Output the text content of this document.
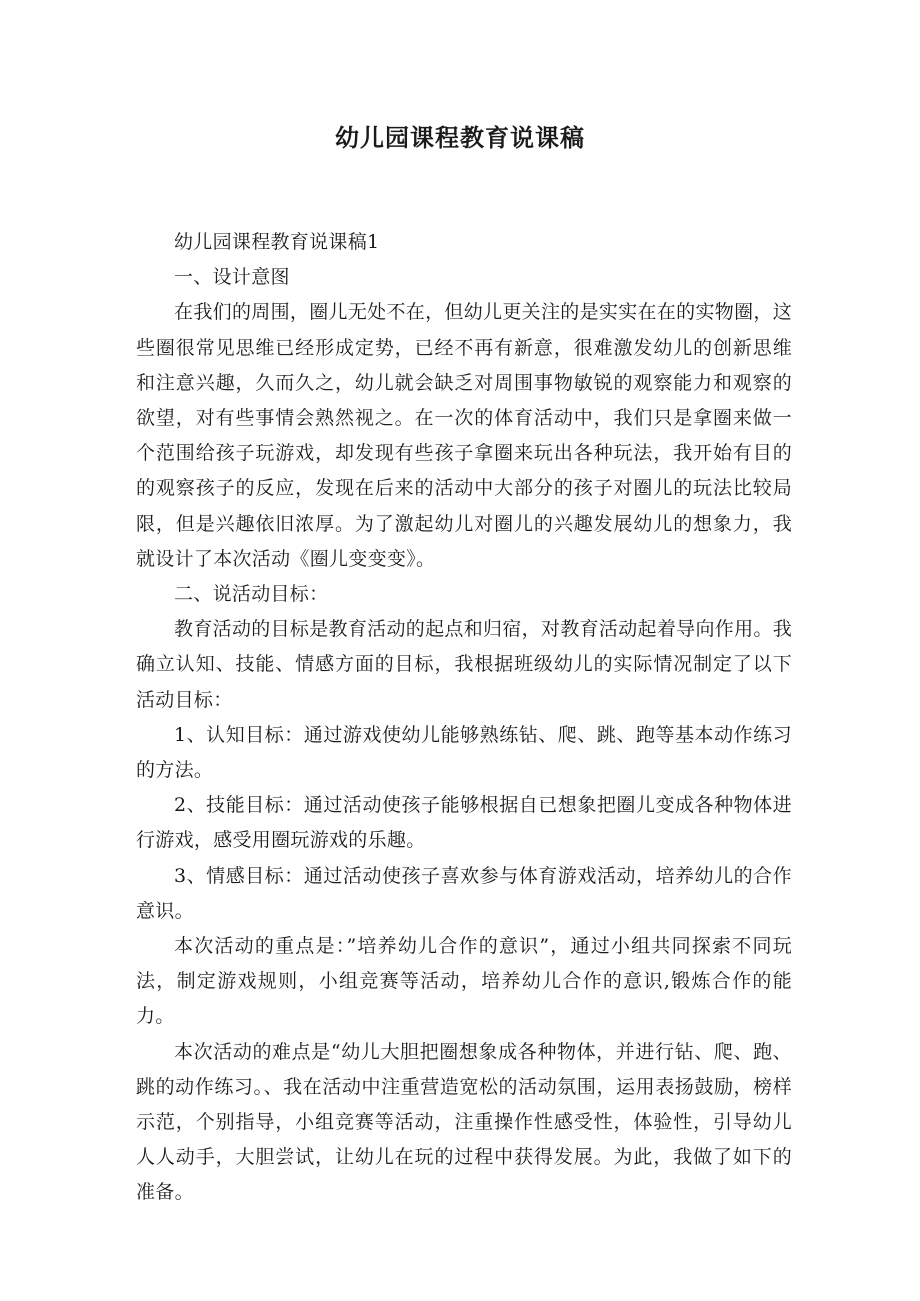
幼儿园课程教育说课稿

幼儿园课程教育说课稿1

一、设计意图

在我们的周围，圈儿无处不在，但幼儿更关注的是实实在在的实物圈，这些圈很常见思维已经形成定势，已经不再有新意，很难激发幼儿的创新思维和注意兴趣，久而久之，幼儿就会缺乏对周围事物敏锐的观察能力和观察的欲望，对有些事情会熟然视之。在一次的体育活动中，我们只是拿圈来做一个范围给孩子玩游戏，却发现有些孩子拿圈来玩出各种玩法，我开始有目的的观察孩子的反应，发现在后来的活动中大部分的孩子对圈儿的玩法比较局限，但是兴趣依旧浓厚。为了激起幼儿对圈儿的兴趣发展幼儿的想象力，我就设计了本次活动《圈儿变变变》。

二、说活动目标：

教育活动的目标是教育活动的起点和归宿，对教育活动起着导向作用。我确立认知、技能、情感方面的目标，我根据班级幼儿的实际情况制定了以下活动目标：

1、认知目标：通过游戏使幼儿能够熟练钻、爬、跳、跑等基本动作练习的方法。

2、技能目标：通过活动使孩子能够根据自已想象把圈儿变成各种物体进行游戏，感受用圈玩游戏的乐趣。

3、情感目标：通过活动使孩子喜欢参与体育游戏活动，培养幼儿的合作意识。

本次活动的重点是：”培养幼儿合作的意识”，通过小组共同探索不同玩法，制定游戏规则，小组竞赛等活动，培养幼儿合作的意识,锻炼合作的能力。

本次活动的难点是“幼儿大胆把圈想象成各种物体，并进行钻、爬、跑、跳的动作练习。、我在活动中注重营造宽松的活动氛围，运用表扬鼓励，榜样示范，个别指导，小组竞赛等活动，注重操作性感受性，体验性，引导幼儿人人动手，大胆尝试，让幼儿在玩的过程中获得发展。为此，我做了如下的准备。
